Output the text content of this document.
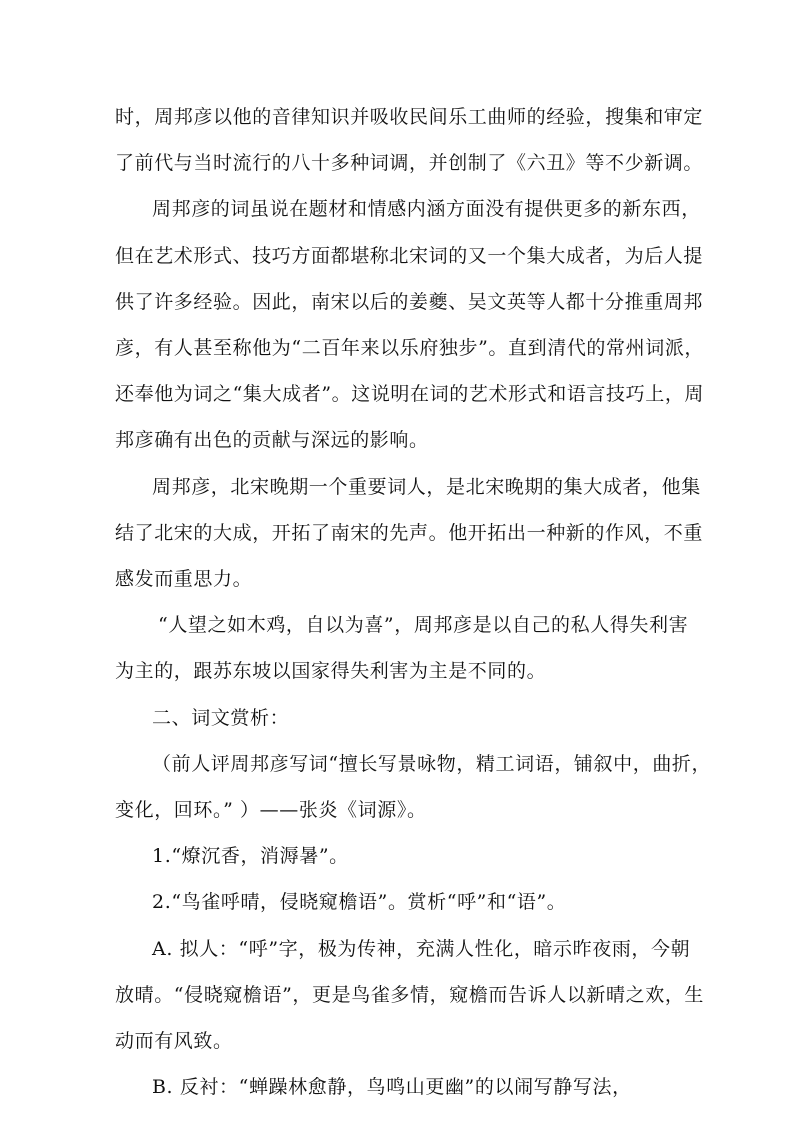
时，周邦彦以他的音律知识并吸收民间乐工曲师的经验，搜集和审定

了前代与当时流行的八十多种词调，并创制了《六丑》等不少新调。

周邦彦的词虽说在题材和情感内涵方面没有提供更多的新东西，

但在艺术形式、技巧方面都堪称北宋词的又一个集大成者，为后人提

供了许多经验。因此，南宋以后的姜夔、吴文英等人都十分推重周邦

彦，有人甚至称他为“二百年来以乐府独步”。直到清代的常州词派，

还奉他为词之“集大成者”。这说明在词的艺术形式和语言技巧上，周

邦彦确有出色的贡献与深远的影响。

周邦彦，北宋晚期一个重要词人，是北宋晚期的集大成者，他集

结了北宋的大成，开拓了南宋的先声。他开拓出一种新的作风，不重

感发而重思力。

“人望之如木鸡，自以为喜”，周邦彦是以自己的私人得失利害

为主的，跟苏东坡以国家得失利害为主是不同的。

二、词文赏析：

（前人评周邦彦写词“擅长写景咏物，精工词语，铺叙中，曲折，

变化，回环。” ）——张炎《词源》。

1.“燎沉香，消溽暑”。

2.“鸟雀呼晴，侵晓窥檐语”。赏析“呼”和“语”。

A. 拟人：“呼”字，极为传神，充满人性化，暗示昨夜雨，今朝

放晴。“侵晓窥檐语”，更是鸟雀多情，窥檐而告诉人以新晴之欢，生

动而有风致。

B. 反衬：“蝉躁林愈静，鸟鸣山更幽”的以闹写静写法，
